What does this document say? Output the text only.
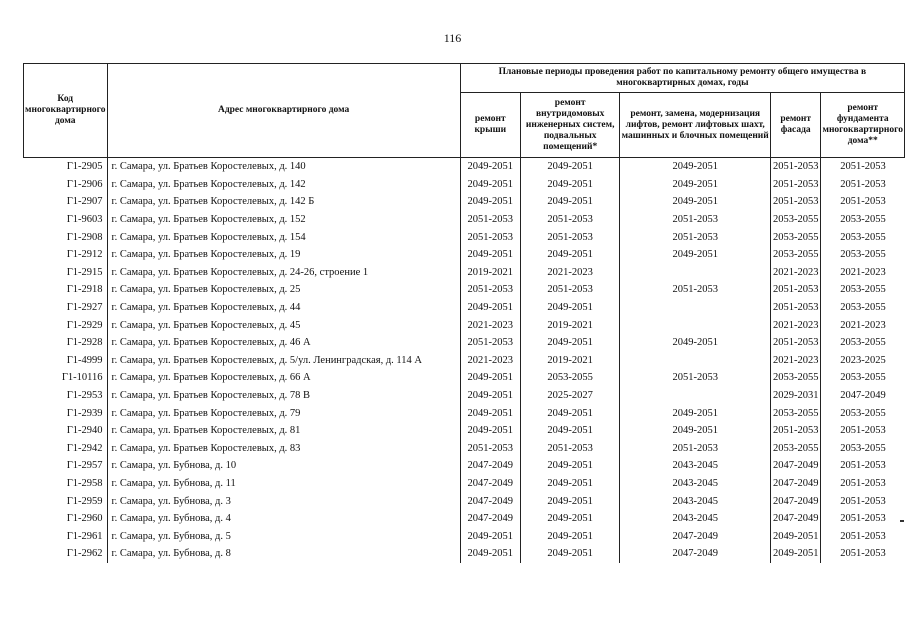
116
Код многоквартирного дома	Адрес многоквартирного дома	Плановые периоды проведения работ по капитальному ремонту общего имущества в многоквартирных домах, годы				
		ремонт крыши	ремонт внутридомовых инженерных систем, подвальных помещений*	ремонт, замена, модернизация лифтов, ремонт лифтовых шахт, машинных и блочных помещений	ремонт фасада	ремонт фундамента многоквартирного дома**
Г1-2905	г. Самара, ул. Братьев Коростелевых, д. 140	2049-2051	2049-2051	2049-2051	2051-2053	2051-2053
Г1-2906	г. Самара, ул. Братьев Коростелевых, д. 142	2049-2051	2049-2051	2049-2051	2051-2053	2051-2053
Г1-2907	г. Самара, ул. Братьев Коростелевых, д. 142 Б	2049-2051	2049-2051	2049-2051	2051-2053	2051-2053
Г1-9603	г. Самара, ул. Братьев Коростелевых, д. 152	2051-2053	2051-2053	2051-2053	2053-2055	2053-2055
Г1-2908	г. Самара, ул. Братьев Коростелевых, д. 154	2051-2053	2051-2053	2051-2053	2053-2055	2053-2055
Г1-2912	г. Самара, ул. Братьев Коростелевых, д. 19	2049-2051	2049-2051	2049-2051	2053-2055	2053-2055
Г1-2915	г. Самара, ул. Братьев Коростелевых, д. 24-26, строение 1	2019-2021	2021-2023		2021-2023	2021-2023
Г1-2918	г. Самара, ул. Братьев Коростелевых, д. 25	2051-2053	2051-2053	2051-2053	2051-2053	2053-2055
Г1-2927	г. Самара, ул. Братьев Коростелевых, д. 44	2049-2051	2049-2051		2051-2053	2053-2055
Г1-2929	г. Самара, ул. Братьев Коростелевых, д. 45	2021-2023	2019-2021		2021-2023	2021-2023
Г1-2928	г. Самара, ул. Братьев Коростелевых, д. 46 А	2051-2053	2049-2051	2049-2051	2051-2053	2053-2055
Г1-4999	г. Самара, ул. Братьев Коростелевых, д. 5/ул. Ленинградская, д. 114 А	2021-2023	2019-2021		2021-2023	2023-2025
Г1-10116	г. Самара, ул. Братьев Коростелевых, д. 66 А	2049-2051	2053-2055	2051-2053	2053-2055	2053-2055
Г1-2953	г. Самара, ул. Братьев Коростелевых, д. 78 В	2049-2051	2025-2027		2029-2031	2047-2049
Г1-2939	г. Самара, ул. Братьев Коростелевых, д. 79	2049-2051	2049-2051	2049-2051	2053-2055	2053-2055
Г1-2940	г. Самара, ул. Братьев Коростелевых, д. 81	2049-2051	2049-2051	2049-2051	2051-2053	2051-2053
Г1-2942	г. Самара, ул. Братьев Коростелевых, д. 83	2051-2053	2051-2053	2051-2053	2053-2055	2053-2055
Г1-2957	г. Самара, ул. Бубнова, д. 10	2047-2049	2049-2051	2043-2045	2047-2049	2051-2053
Г1-2958	г. Самара, ул. Бубнова, д. 11	2047-2049	2049-2051	2043-2045	2047-2049	2051-2053
Г1-2959	г. Самара, ул. Бубнова, д. 3	2047-2049	2049-2051	2043-2045	2047-2049	2051-2053
Г1-2960	г. Самара, ул. Бубнова, д. 4	2047-2049	2049-2051	2043-2045	2047-2049	2051-2053
Г1-2961	г. Самара, ул. Бубнова, д. 5	2049-2051	2049-2051	2047-2049	2049-2051	2051-2053
Г1-2962	г. Самара, ул. Бубнова, д. 8	2049-2051	2049-2051	2047-2049	2049-2051	2051-2053
